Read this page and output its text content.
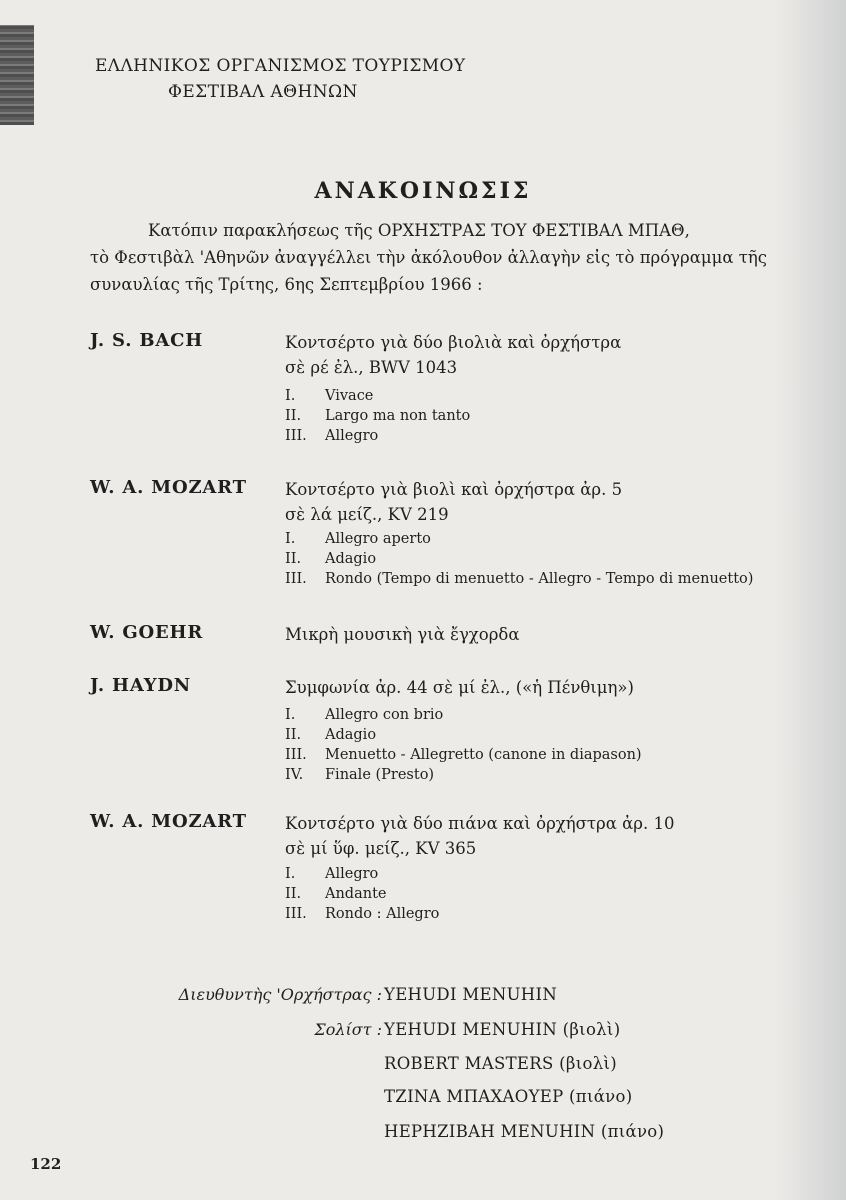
ΕΛΛΗΝΙΚΟΣ ΟΡΓΑΝΙΣΜΟΣ ΤΟΥΡΙΣΜΟΥ
ΦΕΣΤΙΒΑΛ ΑΘΗΝΩΝ
ΑΝΑΚΟΙΝΩΣΙΣ
Κατόπιν παρακλήσεως τῆς ΟΡΧΗΣΤΡΑΣ ΤΟΥ ΦΕΣΤΙΒΑΛ ΜΠΑΘ,
τὸ Φεστιβὰλ 'Αθηνῶν ἀναγγέλλει τὴν ἀκόλουθον ἀλλαγὴν εἰς τὸ πρόγραμμα τῆς
συναυλίας τῆς Τρίτης, 6ης Σεπτεμβρίου 1966 :
J. S. BACH	Κοντσέρτο γιὰ δύο βιολιὰ καὶ ὀρχήστρα
σὲ ρέ ἐλ., BWV 1043
I.	Vivace
II.	Largo ma non tanto
III.	Allegro
W. A. MOZART	Κοντσέρτο γιὰ βιολὶ καὶ ὀρχήστρα ἀρ. 5
σὲ λά μείζ., KV 219
I.	Allegro aperto
II.	Adagio
III.	Rondo (Tempo di menuetto - Allegro - Tempo di menuetto)
W. GOEHR	Μικρὴ μουσικὴ γιὰ ἔγχορδα
J. HAYDN	Συμφωνία ἀρ. 44 σὲ μί ἐλ., («ἡ Πένθιμη»)
I.	Allegro con brio
II.	Adagio
III.	Menuetto - Allegretto (canone in diapason)
IV.	Finale (Presto)
W. A. MOZART	Κοντσέρτο γιὰ δύο πιάνα καὶ ὀρχήστρα ἀρ. 10
σὲ μί ὕφ. μείζ., KV 365
I.	Allegro
II.	Andante
III.	Rondo : Allegro
Διευθυντὴς 'Ορχήστρας : YEHUDI MENUHIN
Σολίστ : YEHUDI MENUHIN (βιολὶ)
ROBERT MASTERS (βιολὶ)
ΤΖΙΝΑ ΜΠΑΧΑΟΥΕΡ (πιάνο)
ΗΕΡΗΖΙΒΑΗ MENUHIN (πιάνο)
122
